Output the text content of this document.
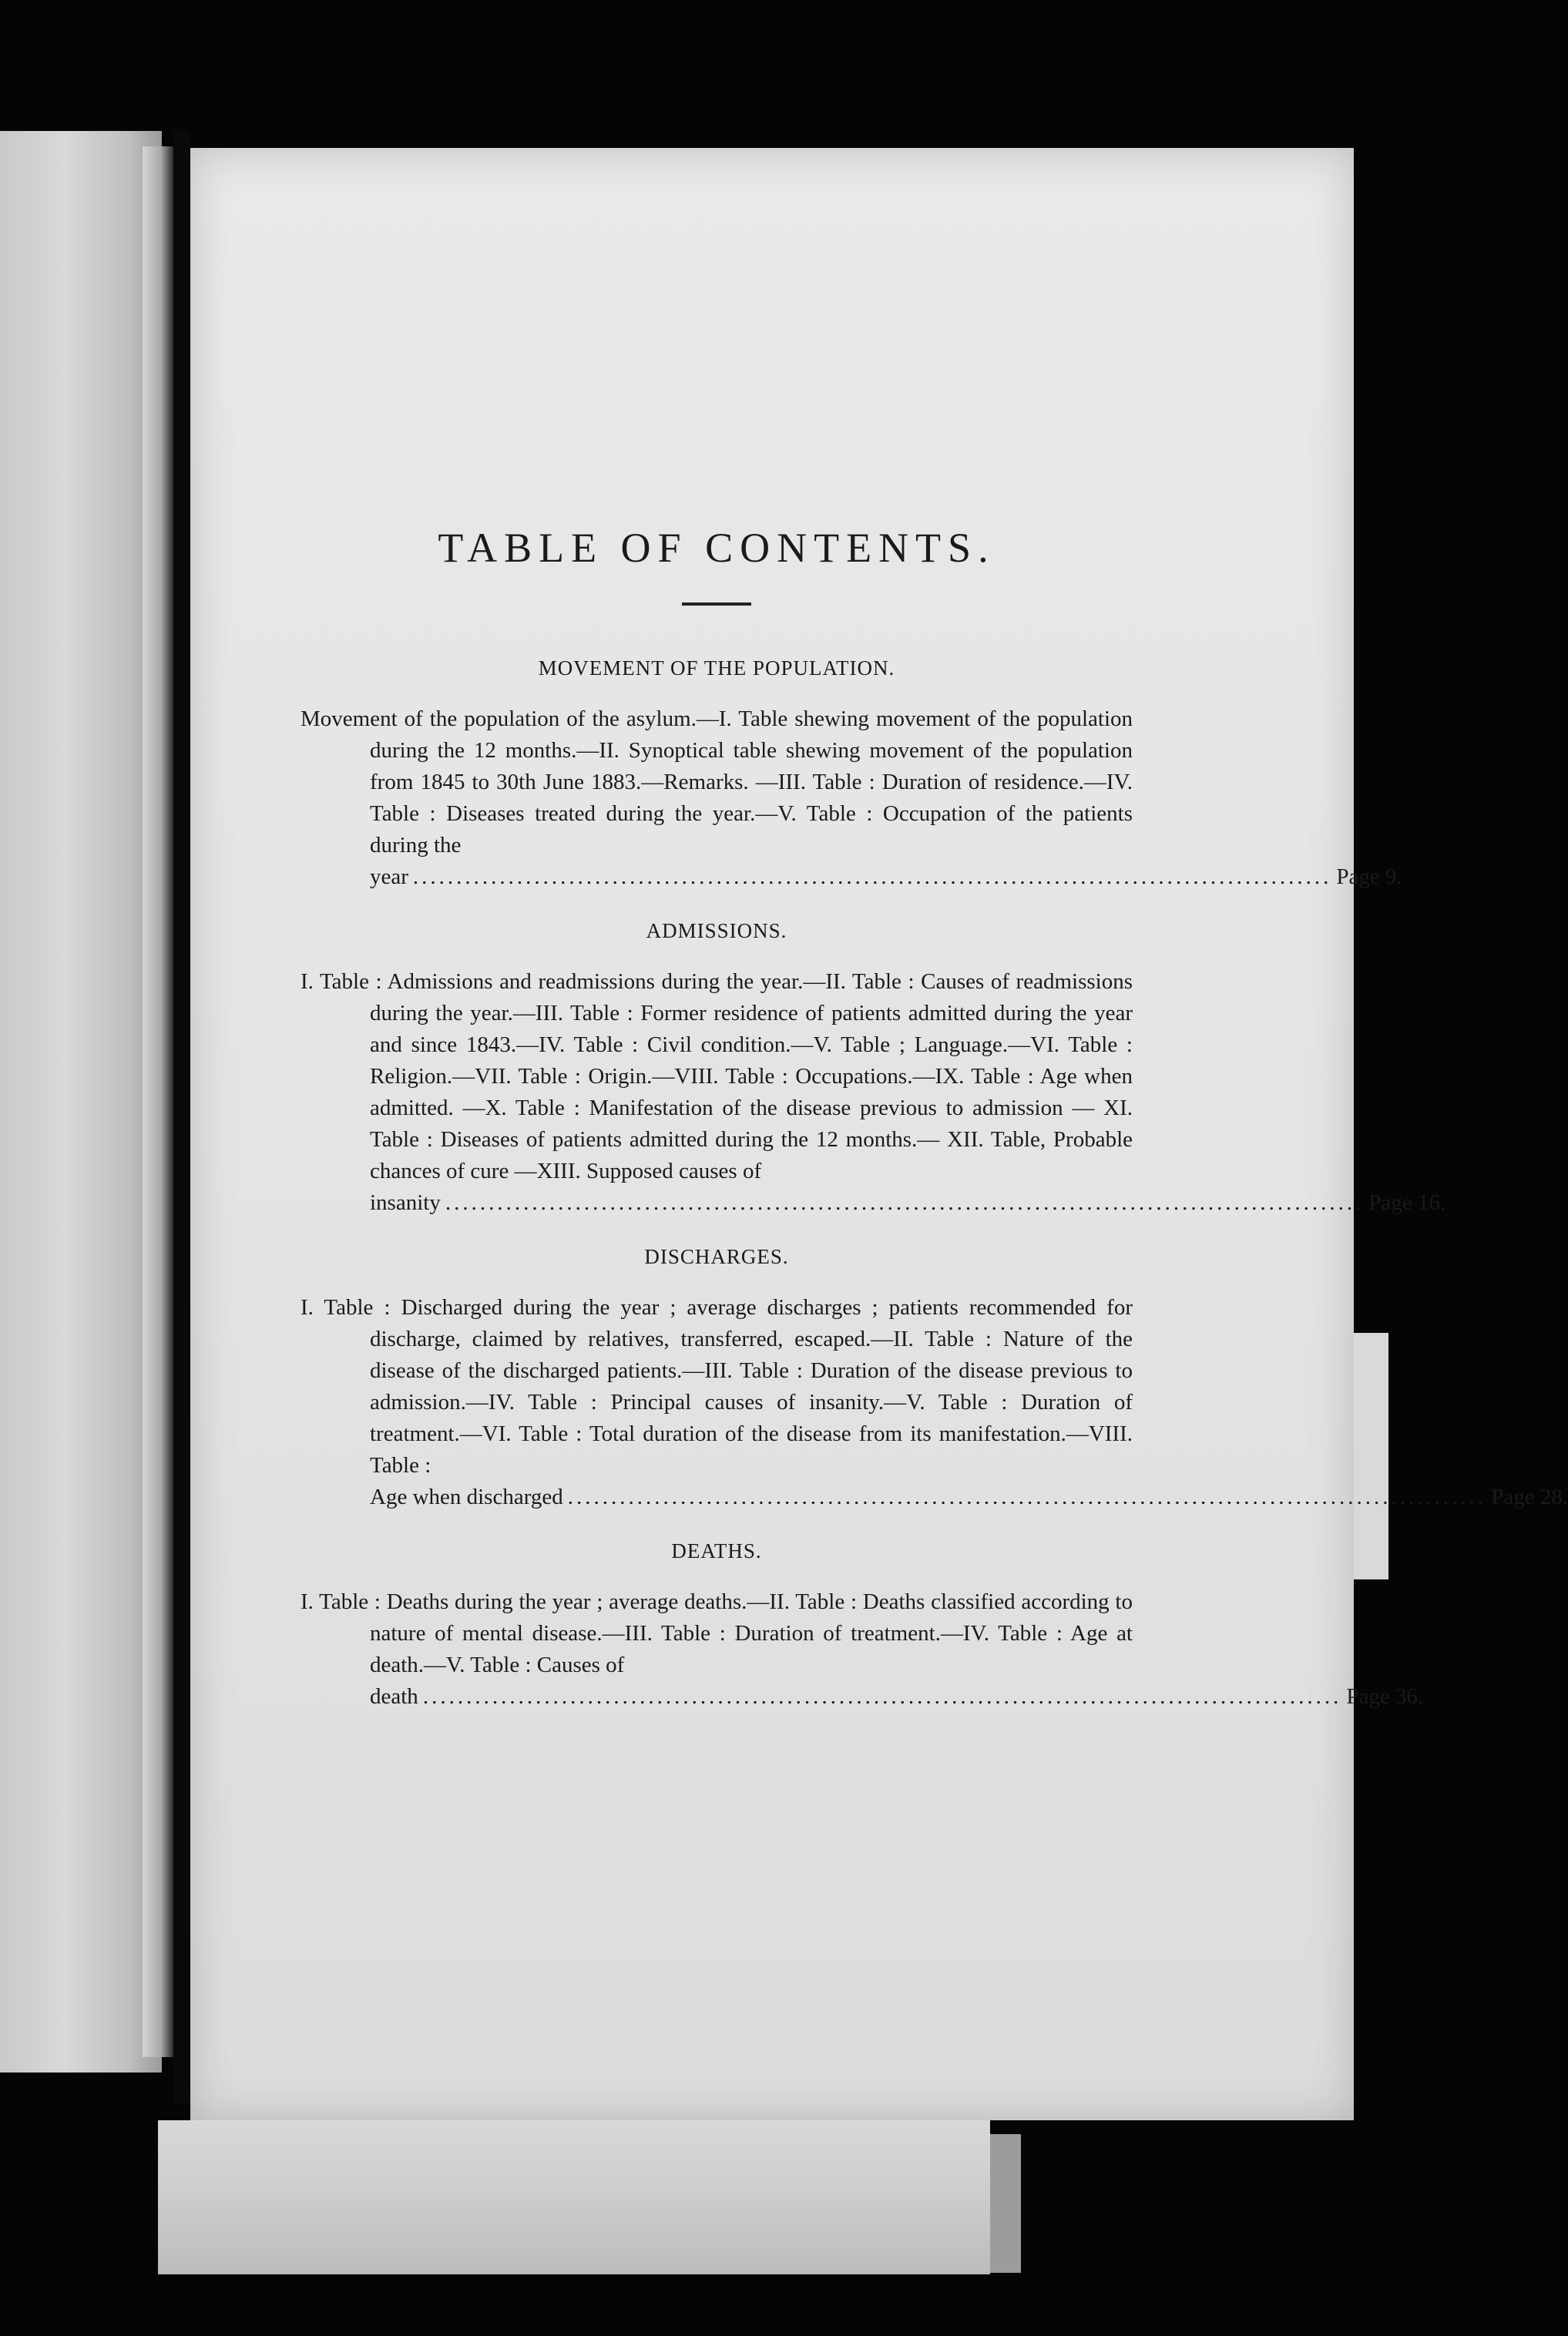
TABLE OF CONTENTS.
MOVEMENT OF THE POPULATION.

Movement of the population of the asylum.—I. Table shewing movement of the population during the 12 months.—II. Synoptical table shewing movement of the population from 1845 to 30th June 1883.—Remarks. —III. Table : Duration of residence.—IV. Table : Diseases treated during the year.—V. Table : Occupation of the patients during the

year .......................................................................................................... Page 9.
ADMISSIONS.

I. Table : Admissions and readmissions during the year.—II. Table : Causes of readmissions during the year.—III. Table : Former residence of patients admitted during the year and since 1843.—IV. Table : Civil condition.—V. Table ; Language.—VI. Table : Religion.—VII. Table : Origin.—VIII. Table : Occupations.—IX. Table : Age when admitted. —X. Table : Manifestation of the disease previous to admission — XI. Table : Diseases of patients admitted during the 12 months.— XII. Table, Probable chances of cure —XIII. Supposed causes of

insanity .......................................................................................................... Page 16.
DISCHARGES.

I. Table : Discharged during the year ; average discharges ; patients recommended for discharge, claimed by relatives, transferred, escaped.—II. Table : Nature of the disease of the discharged patients.—III. Table : Duration of the disease previous to admission.—IV. Table : Principal causes of insanity.—V. Table : Duration of treatment.—VI. Table : Total duration of the disease from its manifestation.—VIII. Table :

Age when discharged .......................................................................................................... Page 28.
DEATHS.

I. Table : Deaths during the year ; average deaths.—II. Table : Deaths classified according to nature of mental disease.—III. Table : Duration of treatment.—IV. Table : Age at death.—V. Table : Causes of

death .......................................................................................................... Page 36.
